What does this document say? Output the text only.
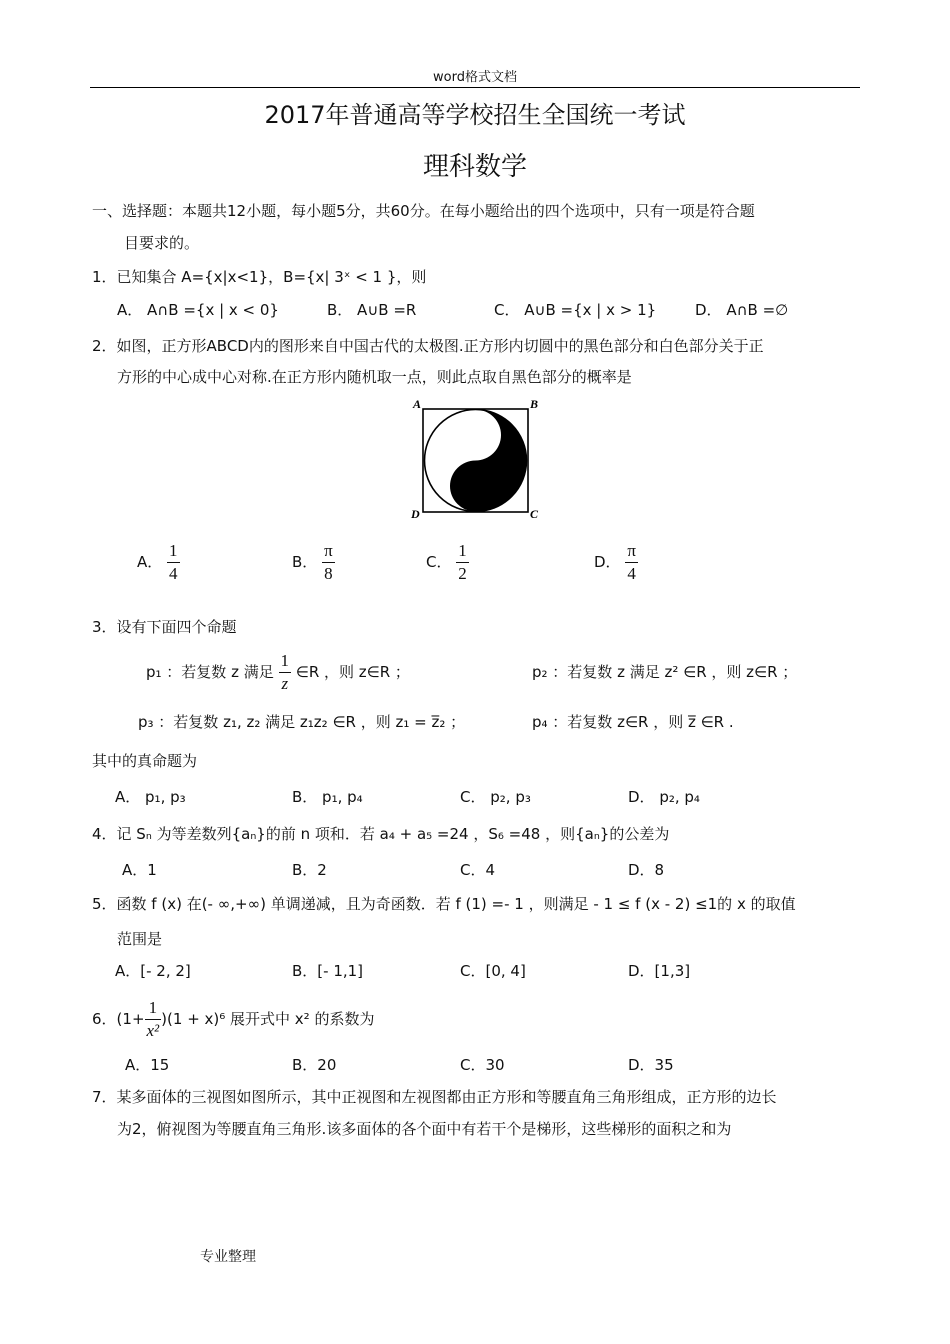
word格式文档
2017年普通高等学校招生全国统一考试
理科数学
一、选择题：本题共12小题，每小题5分，共60分。在每小题给出的四个选项中，只有一项是符合题
目要求的。
1．已知集合 A={x|x<1}，B={x| 3ˣ < 1 }，则
A． A∩B ={x | x < 0}	B． A∪B =R	C． A∪B ={x | x > 1}	D． A∩B =∅
2．如图，正方形ABCD内的图形来自中国古代的太极图.正方形内切圆中的黑色部分和白色部分关于正
方形的中心成中心对称.在正方形内随机取一点，则此点取自黑色部分的概率是
A	B
C
D
A． $\frac{1}{4}$	B． $\frac{\pi}{8}$	C． $\frac{1}{2}$	D． $\frac{\pi}{4}$
3．设有下面四个命题
p₁ ：若复数 z 满足 $\frac{1}{z}$ ∈R ，则 z∈R ；	p₂ ：若复数 z 满足 z² ∈R ，则 z∈R ；
p₃ ：若复数 z₁, z₂ 满足 z₁z₂ ∈R ，则 z₁ = z̅₂ ；	p₄ ：若复数 z∈R ，则 z̅ ∈R .
其中的真命题为
A． p₁, p₃	B． p₁, p₄	C． p₂, p₃	D． p₂, p₄
4．记 Sₙ 为等差数列{aₙ}的前 n 项和．若 a₄ + a₅ =24 ，S₆ =48 ，则{aₙ}的公差为
A．1	B．2	C．4	D．8
5．函数 f (x) 在(- ∞,+∞) 单调递减，且为奇函数．若 f (1) =- 1 ，则满足 - 1 ≤ f (x - 2) ≤1的 x 的取值
范围是
A．[- 2, 2]	B．[- 1,1]	C．[0, 4]	D．[1,3]
6．$(1+ \frac{1}{\text{x²}} )(1 + x)^6$ 展开式中 x² 的系数为
A．15	B．20	C．30	D．35
7．某多面体的三视图如图所示，其中正视图和左视图都由正方形和等腰直角三角形组成，正方形的边长
为2，俯视图为等腰直角三角形.该多面体的各个面中有若干个是梯形，这些梯形的面积之和为
专业整理
